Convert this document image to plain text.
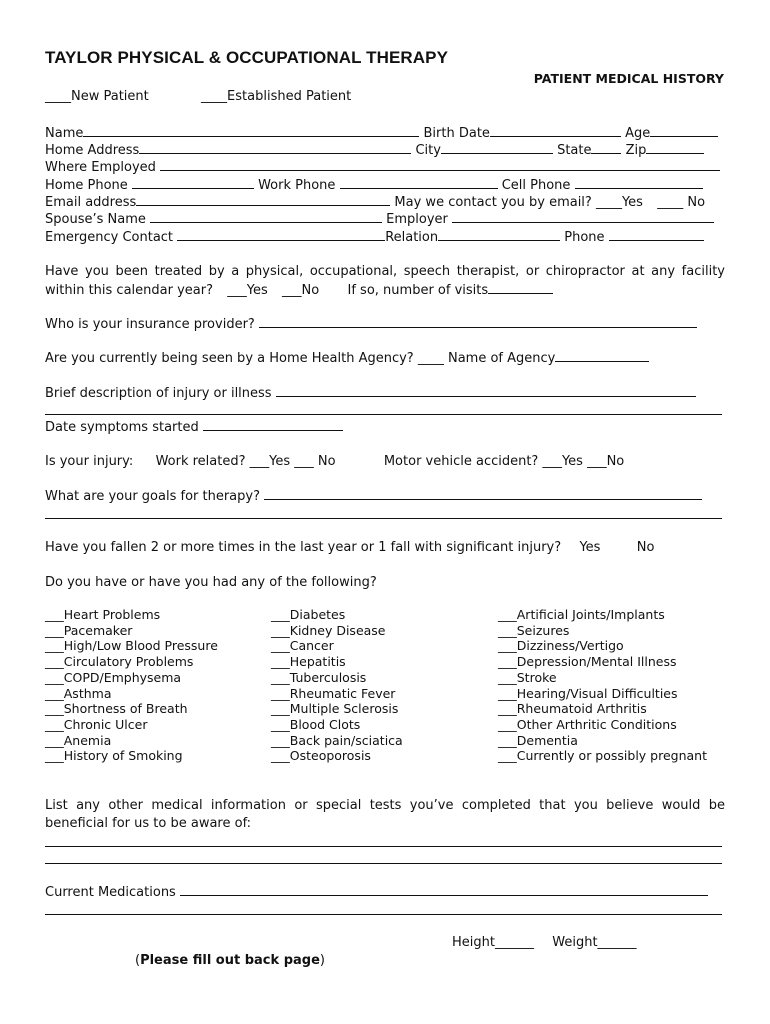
TAYLOR PHYSICAL & OCCUPATIONAL THERAPY
PATIENT MEDICAL HISTORY
____New Patient	____Established Patient
Name	Birth Date	Age
Home Address	City	State	Zip
Where Employed
Home Phone	Work Phone	Cell Phone
Email address	May we contact you by email? ____Yes ____ No
Spouse’s Name	Employer
Emergency Contact	Relation	Phone
Have you been treated by a physical, occupational, speech therapist, or chiropractor at any facility within this calendar year? ___Yes ___No If so, number of visits
Who is your insurance provider?
Are you currently being seen by a Home Health Agency? ____ Name of Agency
Brief description of injury or illness
Date symptoms started
Is your injury: Work related? ___Yes ___ No	Motor vehicle accident? ___Yes ___No
What are your goals for therapy?
Have you fallen 2 or more times in the last year or 1 fall with significant injury? Yes	No
Do you have or have you had any of the following?
___Heart Problems
___Pacemaker
___High/Low Blood Pressure
___Circulatory Problems
___COPD/Emphysema
___Asthma
___Shortness of Breath
___Chronic Ulcer
___Anemia
___History of Smoking
___Diabetes
___Kidney Disease
___Cancer
___Hepatitis
___Tuberculosis
___Rheumatic Fever
___Multiple Sclerosis
___Blood Clots
___Back pain/sciatica
___Osteoporosis
___Artificial Joints/Implants
___Seizures
___Dizziness/Vertigo
___Depression/Mental Illness
___Stroke
___Hearing/Visual Difficulties
___Rheumatoid Arthritis
___Other Arthritic Conditions
___Dementia
___Currently or possibly pregnant
List any other medical information or special tests you’ve completed that you believe would be beneficial for us to be aware of:
Current Medications
Height______ Weight______
(Please fill out back page)
